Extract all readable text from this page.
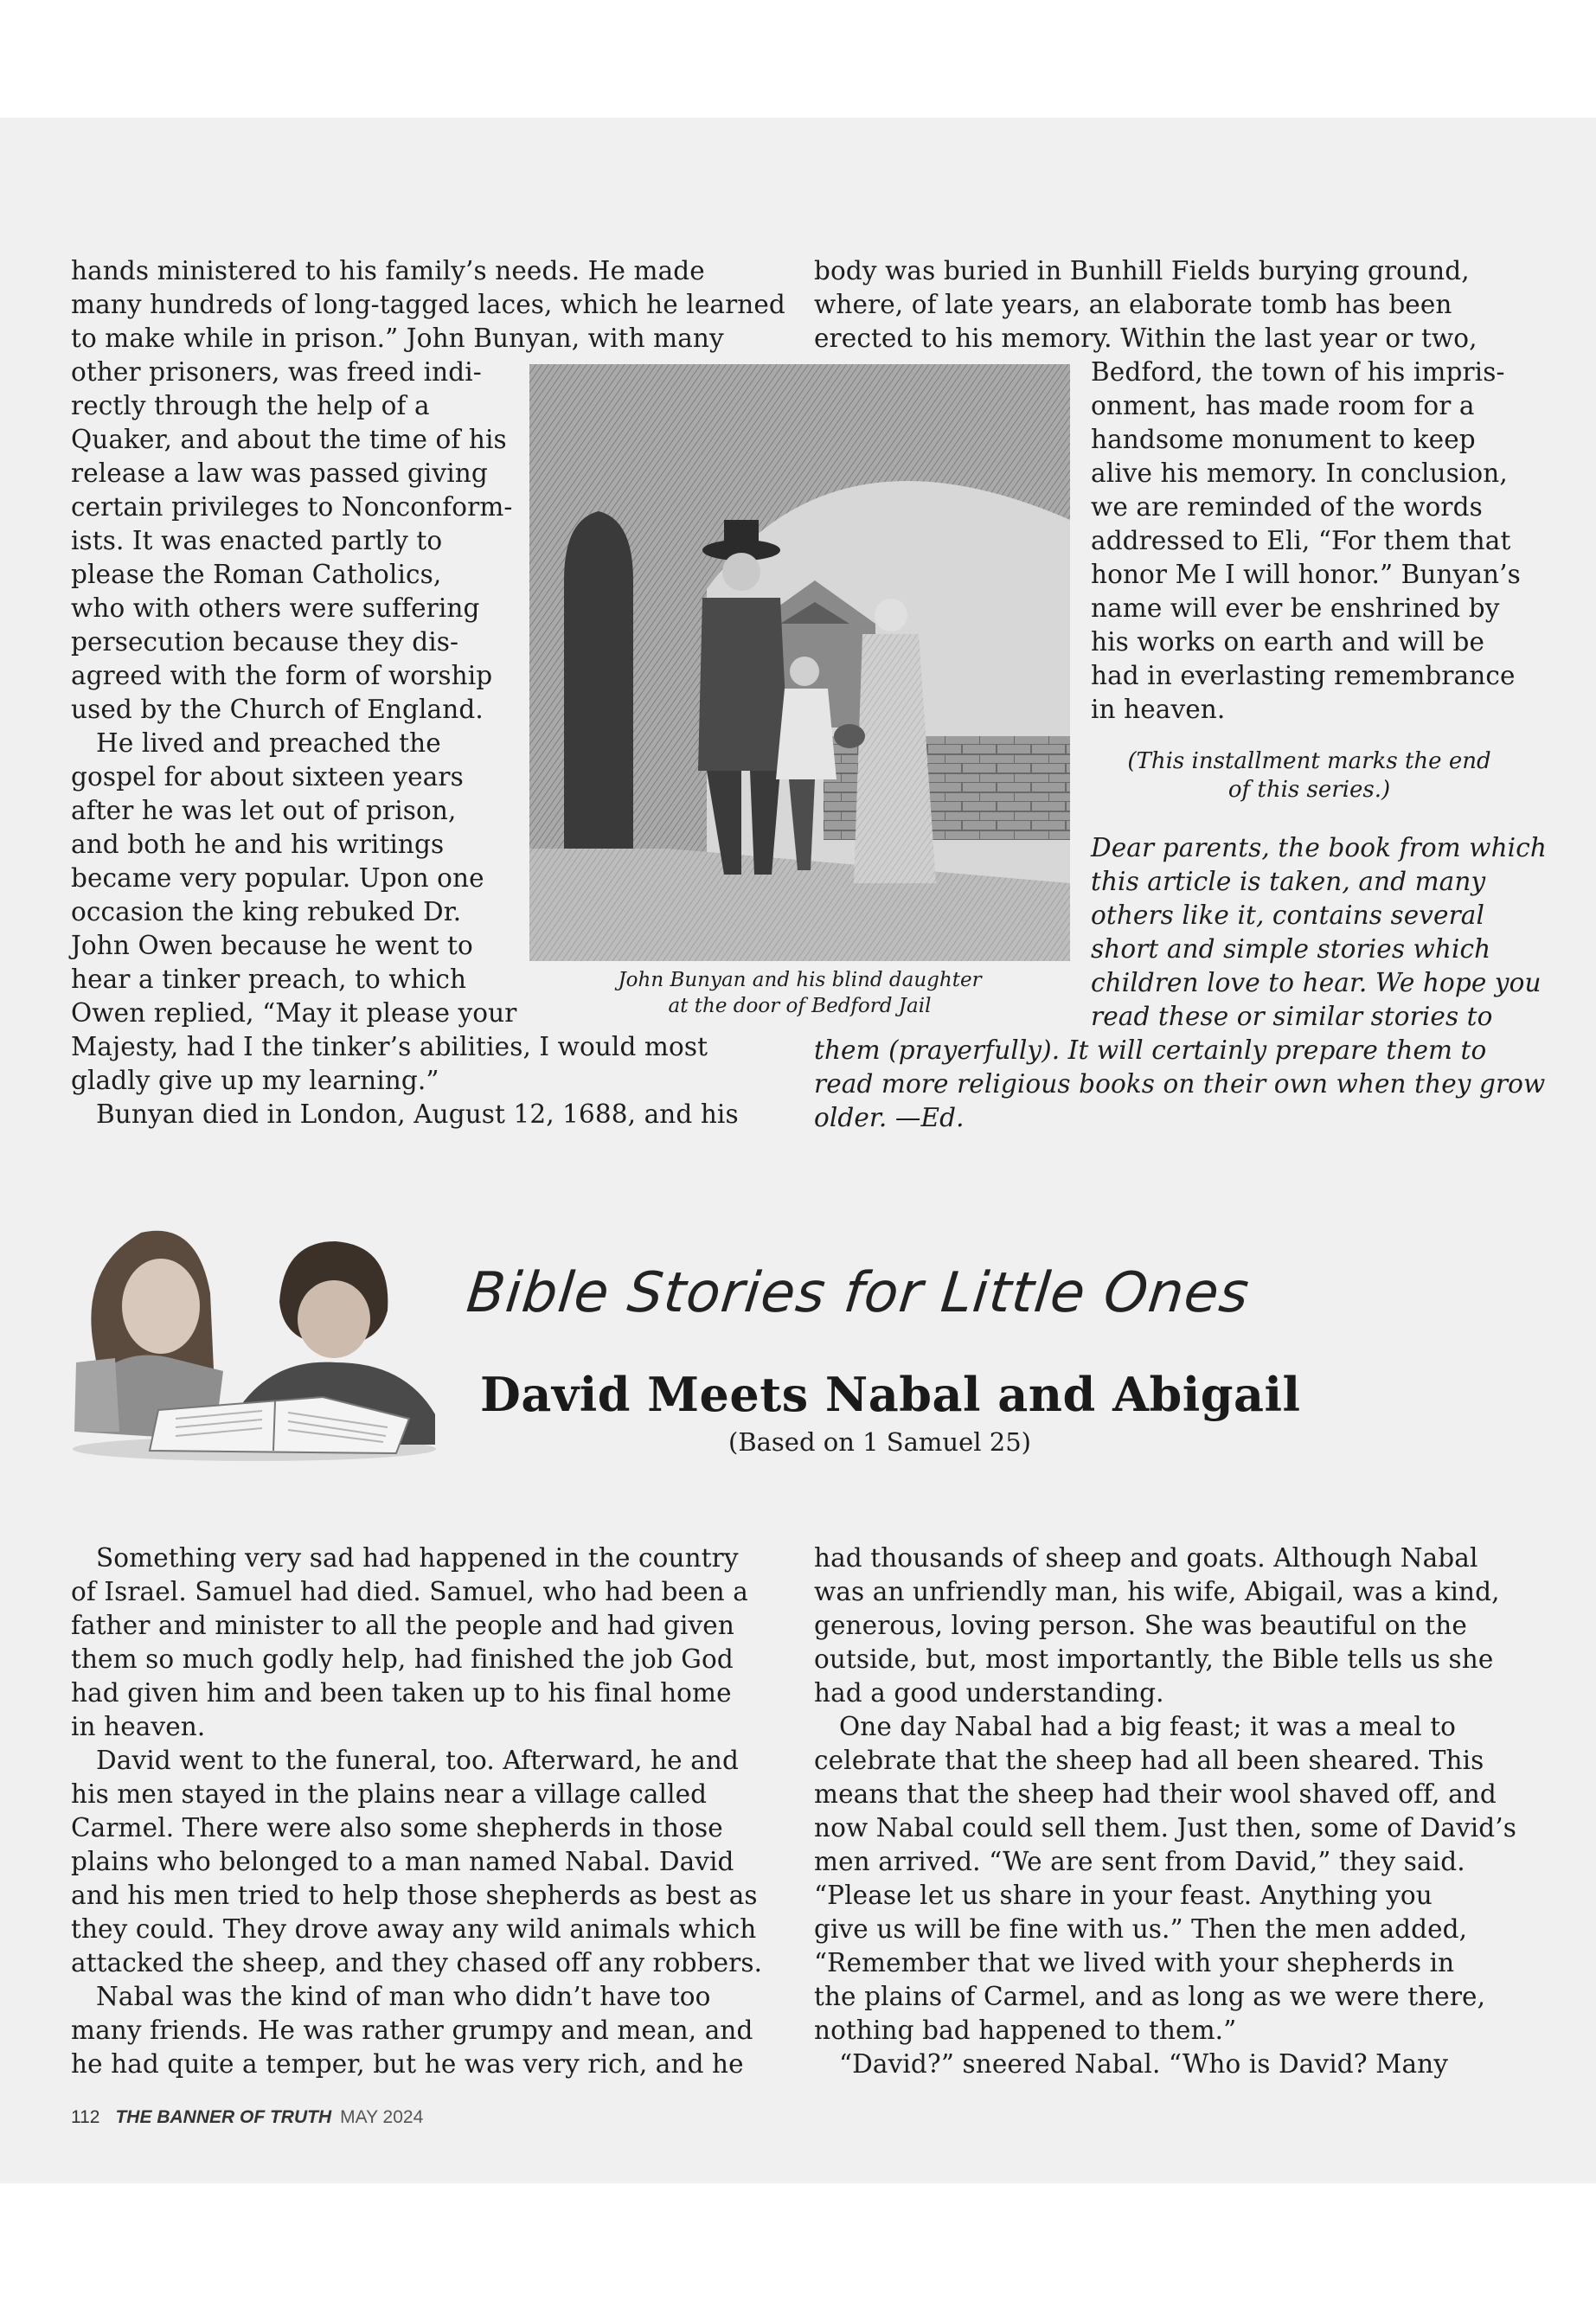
hands ministered to his family’s needs. He made
many hundreds of long-tagged laces, which he learned
to make while in prison.” John Bunyan, with many
other prisoners, was freed indi-
rectly through the help of a
Quaker, and about the time of his
release a law was passed giving
certain privileges to Nonconform-
ists. It was enacted partly to
please the Roman Catholics,
who with others were suffering
persecution because they dis-
agreed with the form of worship
used by the Church of England.
He lived and preached the
gospel for about sixteen years
after he was let out of prison,
and both he and his writings
became very popular. Upon one
occasion the king rebuked Dr.
John Owen because he went to
hear a tinker preach, to which
Owen replied, “May it please your
Majesty, had I the tinker’s abilities, I would most
gladly give up my learning.”
Bunyan died in London, August 12, 1688, and his
body was buried in Bunhill Fields burying ground,
where, of late years, an elaborate tomb has been
erected to his memory. Within the last year or two,
Bedford, the town of his impris-
onment, has made room for a
handsome monument to keep
alive his memory. In conclusion,
we are reminded of the words
addressed to Eli, “For them that
honor Me I will honor.” Bunyan’s
name will ever be enshrined by
his works on earth and will be
had in everlasting remembrance
in heaven.
(This installment marks the end
of this series.)
Dear parents, the book from which
this article is taken, and many
others like it, contains several
short and simple stories which
children love to hear. We hope you
read these or similar stories to
them (prayerfully). It will certainly prepare them to
read more religious books on their own when they grow
older. —Ed.
John Bunyan and his blind daughter
at the door of Bedford Jail
Bible Stories for Little Ones
David Meets Nabal and Abigail
(Based on 1 Samuel 25)
Something very sad had happened in the country
of Israel. Samuel had died. Samuel, who had been a
father and minister to all the people and had given
them so much godly help, had finished the job God
had given him and been taken up to his final home
in heaven.
David went to the funeral, too. Afterward, he and
his men stayed in the plains near a village called
Carmel. There were also some shepherds in those
plains who belonged to a man named Nabal. David
and his men tried to help those shepherds as best as
they could. They drove away any wild animals which
attacked the sheep, and they chased off any robbers.
Nabal was the kind of man who didn’t have too
many friends. He was rather grumpy and mean, and
he had quite a temper, but he was very rich, and he
had thousands of sheep and goats. Although Nabal
was an unfriendly man, his wife, Abigail, was a kind,
generous, loving person. She was beautiful on the
outside, but, most importantly, the Bible tells us she
had a good understanding.
One day Nabal had a big feast; it was a meal to
celebrate that the sheep had all been sheared. This
means that the sheep had their wool shaved off, and
now Nabal could sell them. Just then, some of David’s
men arrived. “We are sent from David,” they said.
“Please let us share in your feast. Anything you
give us will be fine with us.” Then the men added,
“Remember that we lived with your shepherds in
the plains of Carmel, and as long as we were there,
nothing bad happened to them.”
“David?” sneered Nabal. “Who is David? Many
112 THE BANNER OF TRUTH MAY 2024
